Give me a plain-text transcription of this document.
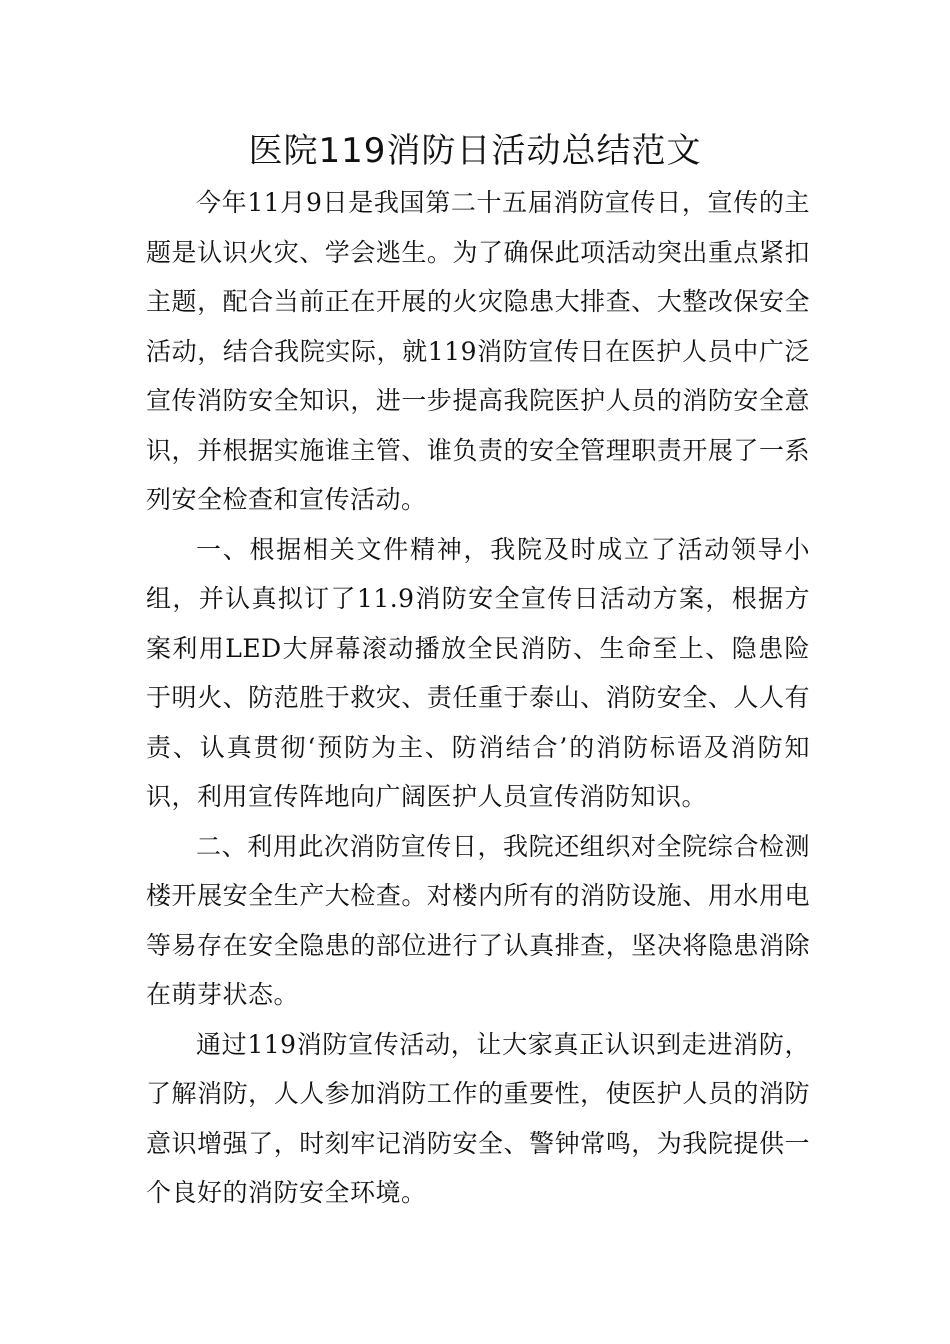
医院119消防日活动总结范文

今年11月9日是我国第二十五届消防宣传日，宣传的主题是认识火灾、学会逃生。为了确保此项活动突出重点紧扣主题，配合当前正在开展的火灾隐患大排查、大整改保安全活动，结合我院实际，就119消防宣传日在医护人员中广泛宣传消防安全知识，进一步提高我院医护人员的消防安全意识，并根据实施谁主管、谁负责的安全管理职责开展了一系列安全检查和宣传活动。

一、根据相关文件精神，我院及时成立了活动领导小组，并认真拟订了11.9消防安全宣传日活动方案，根据方案利用LED大屏幕滚动播放全民消防、生命至上、隐患险于明火、防范胜于救灾、责任重于泰山、消防安全、人人有责、认真贯彻‘预防为主、防消结合’的消防标语及消防知识，利用宣传阵地向广阔医护人员宣传消防知识。

二、利用此次消防宣传日，我院还组织对全院综合检测楼开展安全生产大检查。对楼内所有的消防设施、用水用电等易存在安全隐患的部位进行了认真排查，坚决将隐患消除在萌芽状态。

通过119消防宣传活动，让大家真正认识到走进消防，了解消防，人人参加消防工作的重要性，使医护人员的消防意识增强了，时刻牢记消防安全、警钟常鸣，为我院提供一个良好的消防安全环境。
